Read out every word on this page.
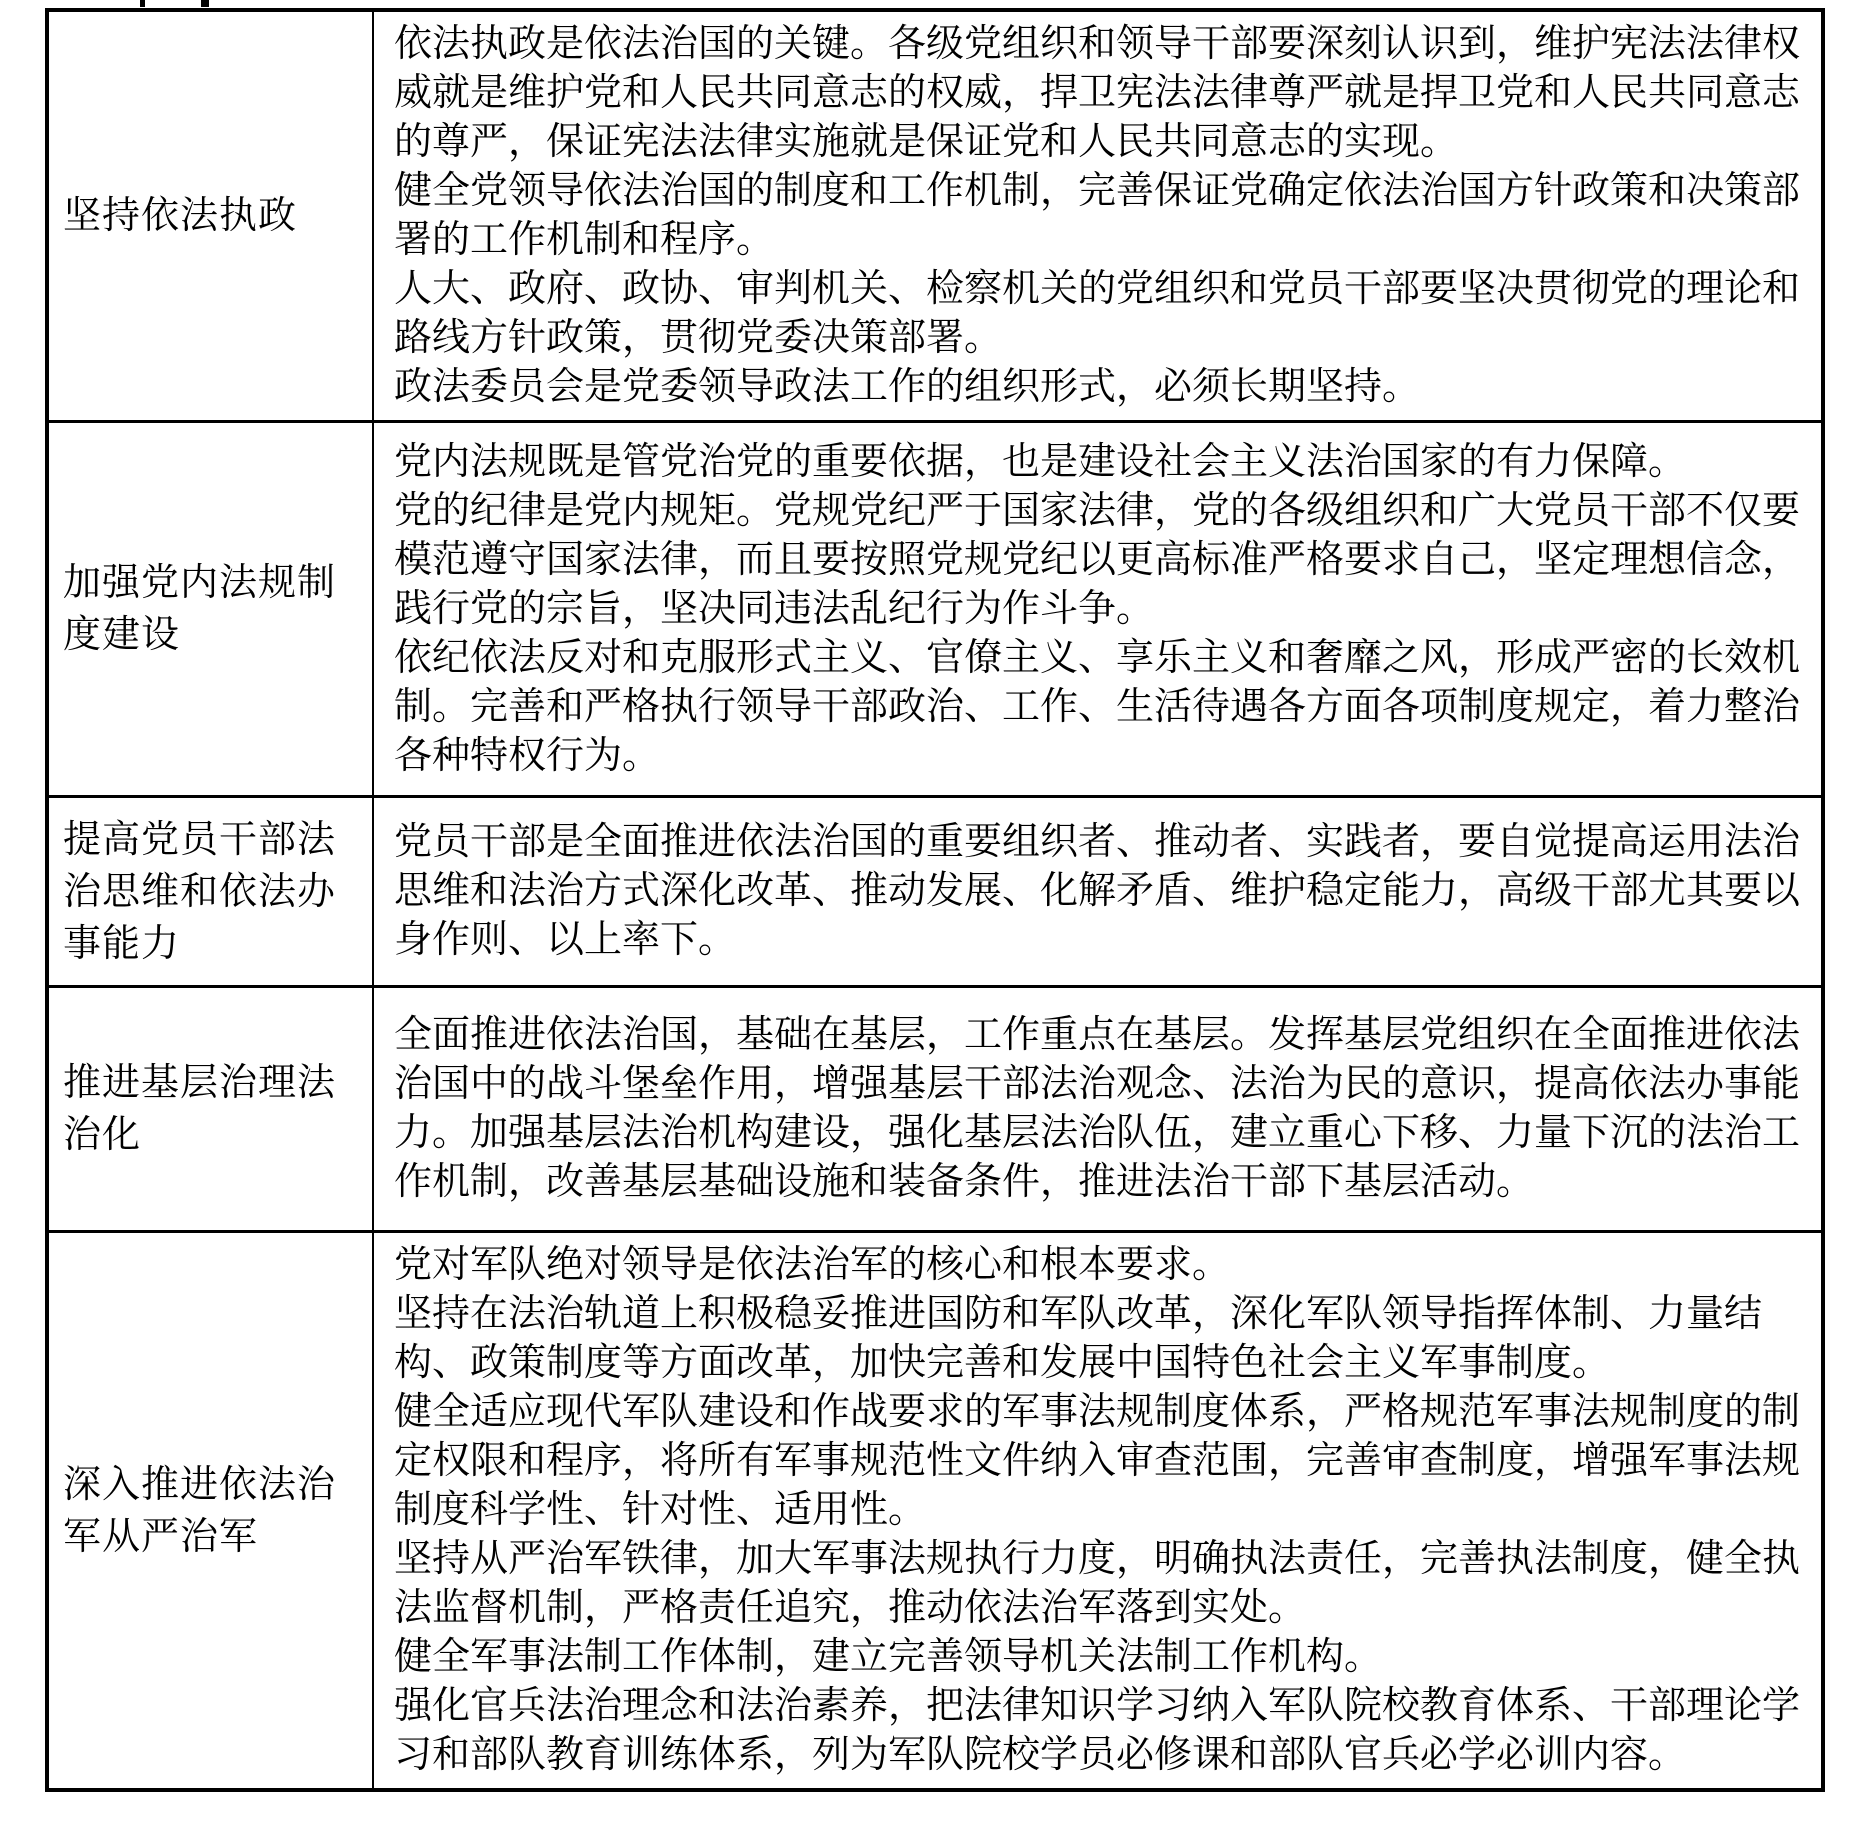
坚持依法执政

依法执政是依法治国的关键。各级党组织和领导干部要深刻认识到，维护宪法法律权威就是维护党和人民共同意志的权威，捍卫宪法法律尊严就是捍卫党和人民共同意志的尊严，保证宪法法律实施就是保证党和人民共同意志的实现。

健全党领导依法治国的制度和工作机制，完善保证党确定依法治国方针政策和决策部署的工作机制和程序。

人大、政府、政协、审判机关、检察机关的党组织和党员干部要坚决贯彻党的理论和路线方针政策，贯彻党委决策部署。

政法委员会是党委领导政法工作的组织形式，必须长期坚持。

加强党内法规制度建设

党内法规既是管党治党的重要依据，也是建设社会主义法治国家的有力保障。

党的纪律是党内规矩。党规党纪严于国家法律，党的各级组织和广大党员干部不仅要模范遵守国家法律，而且要按照党规党纪以更高标准严格要求自己，坚定理想信念，践行党的宗旨，坚决同违法乱纪行为作斗争。

依纪依法反对和克服形式主义、官僚主义、享乐主义和奢靡之风，形成严密的长效机制。完善和严格执行领导干部政治、工作、生活待遇各方面各项制度规定，着力整治各种特权行为。

提高党员干部法治思维和依法办事能力

党员干部是全面推进依法治国的重要组织者、推动者、实践者，要自觉提高运用法治思维和法治方式深化改革、推动发展、化解矛盾、维护稳定能力，高级干部尤其要以身作则、以上率下。

推进基层治理法治化

全面推进依法治国，基础在基层，工作重点在基层。发挥基层党组织在全面推进依法治国中的战斗堡垒作用，增强基层干部法治观念、法治为民的意识，提高依法办事能力。加强基层法治机构建设，强化基层法治队伍，建立重心下移、力量下沉的法治工作机制，改善基层基础设施和装备条件，推进法治干部下基层活动。

深入推进依法治军从严治军

党对军队绝对领导是依法治军的核心和根本要求。

坚持在法治轨道上积极稳妥推进国防和军队改革，深化军队领导指挥体制、力量结构、政策制度等方面改革，加快完善和发展中国特色社会主义军事制度。

健全适应现代军队建设和作战要求的军事法规制度体系，严格规范军事法规制度的制定权限和程序，将所有军事规范性文件纳入审查范围，完善审查制度，增强军事法规制度科学性、针对性、适用性。

坚持从严治军铁律，加大军事法规执行力度，明确执法责任，完善执法制度，健全执法监督机制，严格责任追究，推动依法治军落到实处。

健全军事法制工作体制，建立完善领导机关法制工作机构。

强化官兵法治理念和法治素养，把法律知识学习纳入军队院校教育体系、干部理论学习和部队教育训练体系，列为军队院校学员必修课和部队官兵必学必训内容。
